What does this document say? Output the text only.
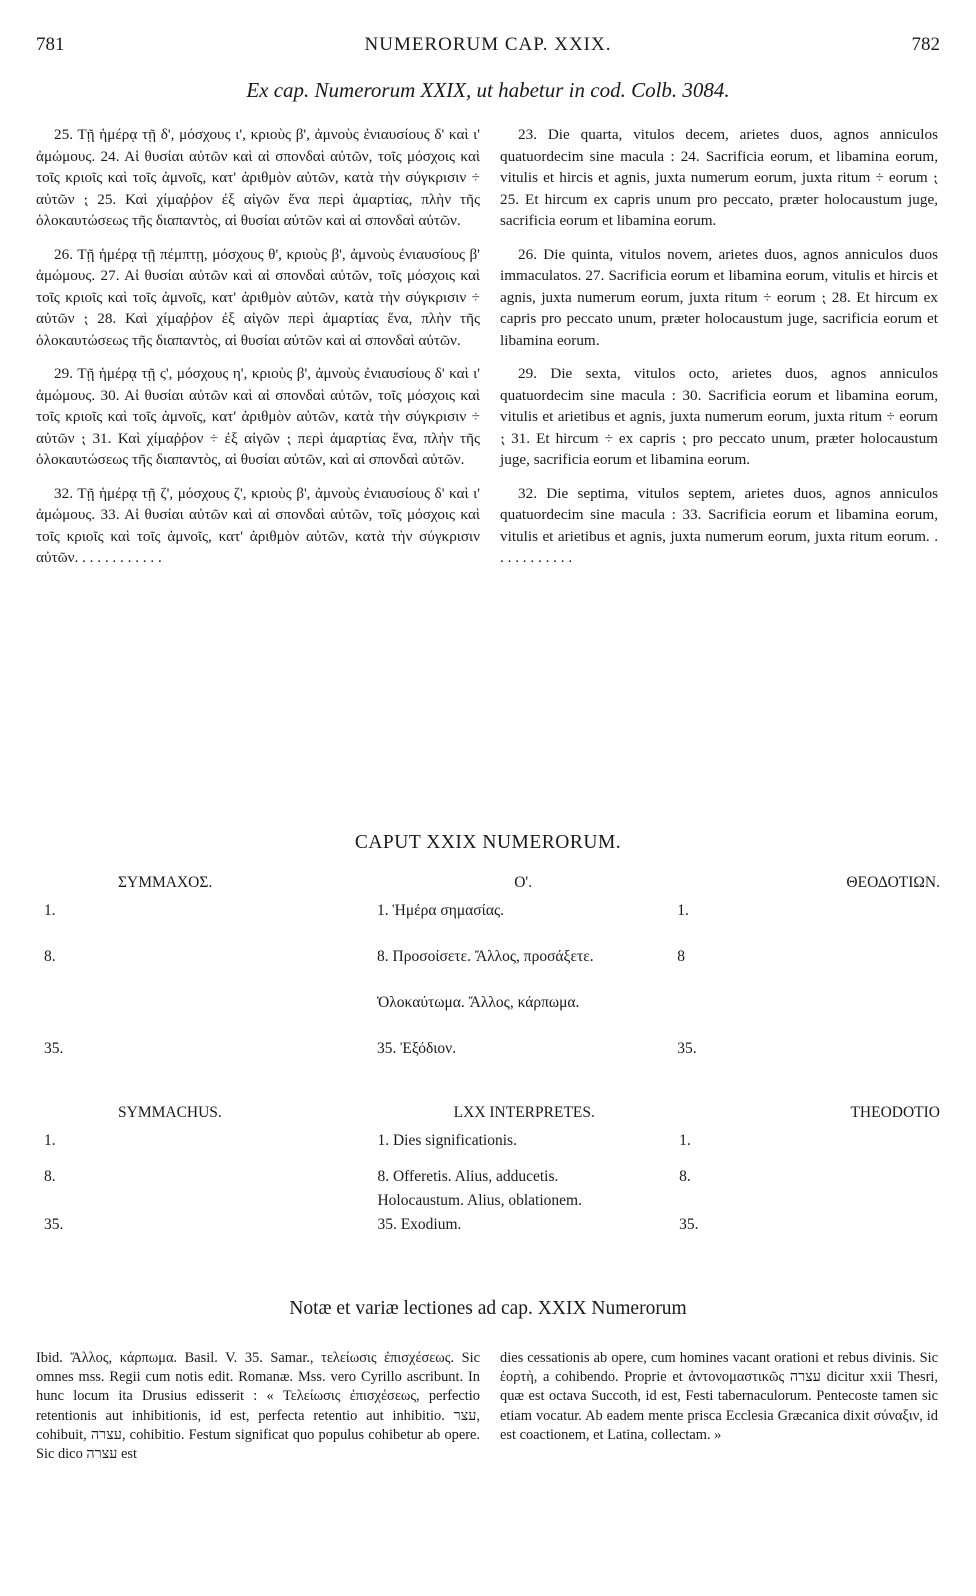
781	NUMERORUM CAP. XXIX.	782
Ex cap. Numerorum XXIX, ut habetur in cod. Colb. 3084.

25. Τῇ ἡμέρᾳ τῇ δ', μόσχους ι', κριοὺς β', ἀμνοὺς ἐνιαυσίους δ' καὶ ι' ἀμώμους. 24. Αἱ θυσίαι αὐτῶν καὶ αἱ σπονδαὶ αὐτῶν, τοῖς μόσχοις καὶ τοῖς κριοῖς καὶ τοῖς ἀμνοῖς, κατ' ἀριθμὸν αὐτῶν, κατὰ τὴν σύγκρισιν ÷ αὐτῶν ⁏ 25. Καὶ χίμαῤῥον ἐξ αἰγῶν ἕνα περὶ ἁμαρτίας, πλὴν τῆς ὁλοκαυτώσεως τῆς διαπαντὸς, αἱ θυσίαι αὐτῶν καὶ αἱ σπονδαὶ αὐτῶν.

26. Τῇ ἡμέρᾳ τῇ πέμπτῃ, μόσχους θ', κριοὺς β', ἀμνοὺς ἐνιαυσίους β' ἀμώμους. 27. Αἱ θυσίαι αὐτῶν καὶ αἱ σπονδαὶ αὐτῶν, τοῖς μόσχοις καὶ τοῖς κριοῖς καὶ τοῖς ἀμνοῖς, κατ' ἀριθμὸν αὐτῶν, κατὰ τὴν σύγκρισιν ÷ αὐτῶν ⁏ 28. Καὶ χίμαῤῥον ἐξ αἰγῶν περὶ ἁμαρτίας ἕνα, πλὴν τῆς ὁλοκαυτώσεως τῆς διαπαντὸς, αἱ θυσίαι αὐτῶν καὶ αἱ σπονδαὶ αὐτῶν.

29. Τῇ ἡμέρᾳ τῇ ς', μόσχους η', κριοὺς β', ἀμνοὺς ἐνιαυσίους δ' καὶ ι' ἀμώμους. 30. Αἱ θυσίαι αὐτῶν καὶ αἱ σπονδαὶ αὐτῶν, τοῖς μόσχοις καὶ τοῖς κριοῖς καὶ τοῖς ἀμνοῖς, κατ' ἀριθμὸν αὐτῶν, κατὰ τὴν σύγκρισιν ÷ αὐτῶν ⁏ 31. Καὶ χίμαῤῥον ÷ ἐξ αἰγῶν ⁏ περὶ ἁμαρτίας ἕνα, πλὴν τῆς ὁλοκαυτώσεως τῆς διαπαντὸς, αἱ θυσίαι αὐτῶν, καὶ αἱ σπονδαὶ αὐτῶν.

32. Τῇ ἡμέρᾳ τῇ ζ', μόσχους ζ', κριοὺς β', ἀμνοὺς ἐνιαυσίους δ' καὶ ι' ἀμώμους. 33. Αἱ θυσίαι αὐτῶν καὶ αἱ σπονδαὶ αὐτῶν, τοῖς μόσχοις καὶ τοῖς κριοῖς καὶ τοῖς ἀμνοῖς, κατ' ἀριθμὸν αὐτῶν, κατὰ τὴν σύγκρισιν αὐτῶν. . . . . . . . . . . .

23. Die quarta, vitulos decem, arietes duos, agnos anniculos quatuordecim sine macula : 24. Sacrificia eorum, et libamina eorum, vitulis et hircis et agnis, juxta numerum eorum, juxta ritum ÷ eorum ⁏ 25. Et hircum ex capris unum pro peccato, præter holocaustum juge, sacrificia eorum et libamina eorum.

26. Die quinta, vitulos novem, arietes duos, agnos anniculos duos immaculatos. 27. Sacrificia eorum et libamina eorum, vitulis et hircis et agnis, juxta numerum eorum, juxta ritum ÷ eorum ⁏ 28. Et hircum ex capris pro peccato unum, præter holocaustum juge, sacrificia eorum et libamina eorum.

29. Die sexta, vitulos octo, arietes duos, agnos anniculos quatuordecim sine macula : 30. Sacrificia eorum et libamina eorum, vitulis et arietibus et agnis, juxta numerum eorum, juxta ritum ÷ eorum ⁏ 31. Et hircum ÷ ex capris ⁏ pro peccato unum, præter holocaustum juge, sacrificia eorum et libamina eorum.

32. Die septima, vitulos septem, arietes duos, agnos anniculos quatuordecim sine macula : 33. Sacrificia eorum et libamina eorum, vitulis et arietibus et agnis, juxta numerum eorum, juxta ritum eorum. . . . . . . . . . . .

CAPUT XXIX NUMERORUM.
ΣΥΜΜΑΧΟΣ.	Ο'.	ΘΕΟΔΟΤΙΩΝ.
1.	1. Ἡμέρα σημασίας.	1.
8.	8. Προσοίσετε. Ἄλλος, προσάξετε.	8
	Ὁλοκαύτωμα. Ἄλλος, κάρπωμα.	
35.	35. Ἐξόδιον.	35.
SYMMACHUS.	LXX INTERPRETES.	THEODOTIO
1.	1. Dies significationis.	1.
8.	8. Offeretis. Alius, adducetis.	8.
	Holocaustum. Alius, oblationem.	
35.	35. Exodium.	35.
Notæ et variæ lectiones ad cap. XXIX Numerorum

Ibid. Ἄλλος, κάρπωμα. Basil. V. 35. Samar., τελείωσις ἐπισχέσεως. Sic omnes mss. Regii cum notis edit. Romanæ. Mss. vero Cyrillo ascribunt. In hunc locum ita Drusius edisserit : « Τελείωσις ἐπισχέσεως, perfectio retentionis aut inhibitionis, id est, perfecta retentio aut inhibitio. עצר, cohibuit, עצרה, cohibitio. Festum significat quo populus cohibetur ab opere. Sic dico עצרה est

dies cessationis ab opere, cum homines vacant orationi et rebus divinis. Sic ἑορτὴ, a cohibendo. Proprie et ἀντονομαστικῶς עצרה dicitur xxii Thesri, quæ est octava Succoth, id est, Festi tabernaculorum. Pentecoste tamen sic etiam vocatur. Ab eadem mente prisca Ecclesia Græcanica dixit σύναξιν, id est coactionem, et Latina, collectam. »
